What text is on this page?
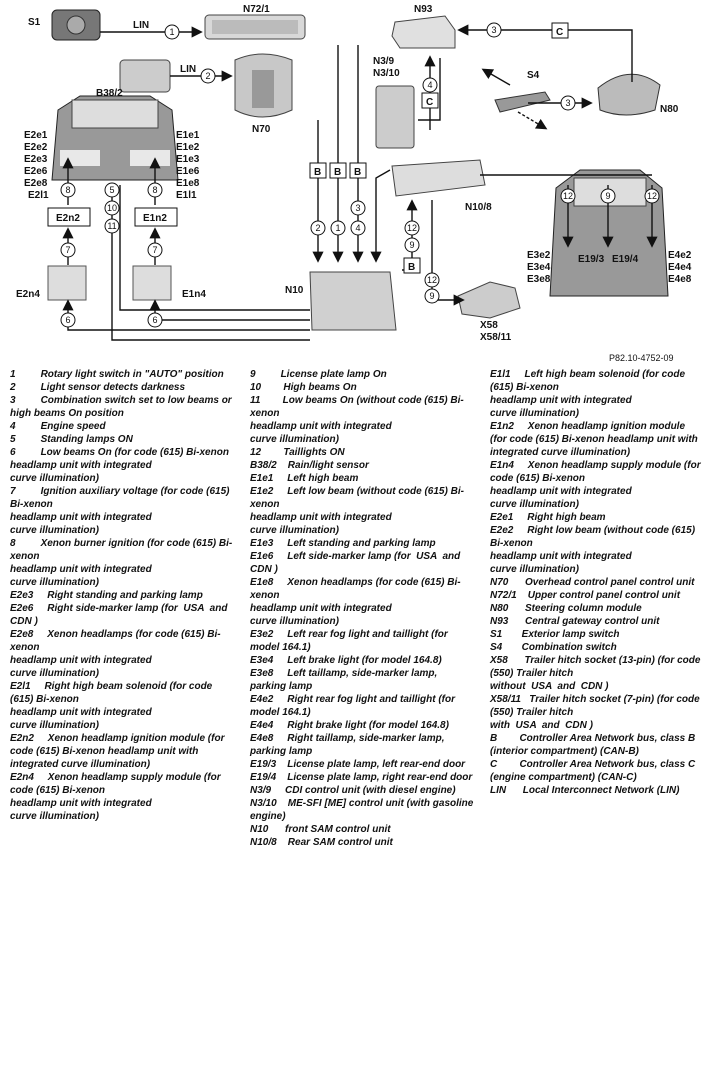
B B B
B
C
C
1
2
3
4
3
3
2 1 4
8	5	8
10
11
7	7
6	6
12	9	12
12
9
12
9
S1	LIN
N72/1	N93
B38/2
LIN
N70
N3/9
N3/10	S4
N80
E2e1
E2e2
E2e3
E2e6
E2e8
E2l1
E1e1
E1e2
E1e3
E1e6
E1e8
E1l1
E2n2	E1n2
E2n4	E1n4	N10
N10/8
E3e2
E3e4
E3e8
E19/3 E19/4	E4e2
E4e4
E4e8
X58
X58/11
P82.10-4752-09

1         Rotary light switch in "AUTO" position

2         Light sensor detects darkness

3         Combination switch set to low beams or high beams On position

4         Engine speed

5         Standing lamps ON

6         Low beams On (for code (615) Bi-xenon

headlamp unit with integrated

curve illumination)

7         Ignition auxiliary voltage (for code (615) Bi-xenon

headlamp unit with integrated

curve illumination)

8         Xenon burner ignition (for code (615) Bi-xenon

headlamp unit with integrated

curve illumination)

E2e3     Right standing and parking lamp

E2e6     Right side-marker lamp (for  USA  and  CDN )

E2e8     Xenon headlamps (for code (615) Bi-xenon

headlamp unit with integrated

curve illumination)

E2l1     Right high beam solenoid (for code (615) Bi-xenon

headlamp unit with integrated

curve illumination)

E2n2     Xenon headlamp ignition module (for code (615) Bi-xenon headlamp unit with integrated curve illumination)

E2n4     Xenon headlamp supply module (for code (615) Bi-xenon

headlamp unit with integrated

curve illumination)

9         License plate lamp On

10        High beams On

11        Low beams On (without code (615) Bi-xenon

headlamp unit with integrated

curve illumination)

12        Taillights ON

B38/2    Rain/light sensor

E1e1     Left high beam

E1e2     Left low beam (without code (615) Bi-xenon

headlamp unit with integrated

curve illumination)

E1e3     Left standing and parking lamp

E1e6     Left side-marker lamp (for  USA  and  CDN )

E1e8     Xenon headlamps (for code (615) Bi-xenon

headlamp unit with integrated

curve illumination)

E3e2     Left rear fog light and taillight (for model 164.1)

E3e4     Left brake light (for model 164.8)

E3e8     Left taillamp, side-marker lamp, parking lamp

E4e2     Right rear fog light and taillight (for model 164.1)

E4e4     Right brake light (for model 164.8)

E4e8     Right taillamp, side-marker lamp, parking lamp

E19/3    License plate lamp, left rear-end door

E19/4    License plate lamp, right rear-end door

N3/9     CDI control unit (with diesel engine)

N3/10    ME-SFI [ME] control unit (with gasoline engine)

N10      front SAM control unit

N10/8    Rear SAM control unit

E1l1     Left high beam solenoid (for code (615) Bi-xenon

headlamp unit with integrated

curve illumination)

E1n2     Xenon headlamp ignition module (for code (615) Bi-xenon headlamp unit with integrated curve illumination)

E1n4     Xenon headlamp supply module (for code (615) Bi-xenon

headlamp unit with integrated

curve illumination)

E2e1     Right high beam

E2e2     Right low beam (without code (615) Bi-xenon

headlamp unit with integrated

curve illumination)

N70      Overhead control panel control unit

N72/1    Upper control panel control unit

N80      Steering column module

N93      Central gateway control unit

S1       Exterior lamp switch

S4       Combination switch

X58      Trailer hitch socket (13-pin) (for code (550) Trailer hitch

without  USA  and  CDN )

X58/11   Trailer hitch socket (7-pin) (for code (550) Trailer hitch

with  USA  and  CDN )

B        Controller Area Network bus, class B (interior compartment) (CAN-B)

C        Controller Area Network bus, class C (engine compartment) (CAN-C)

LIN      Local Interconnect Network (LIN)
